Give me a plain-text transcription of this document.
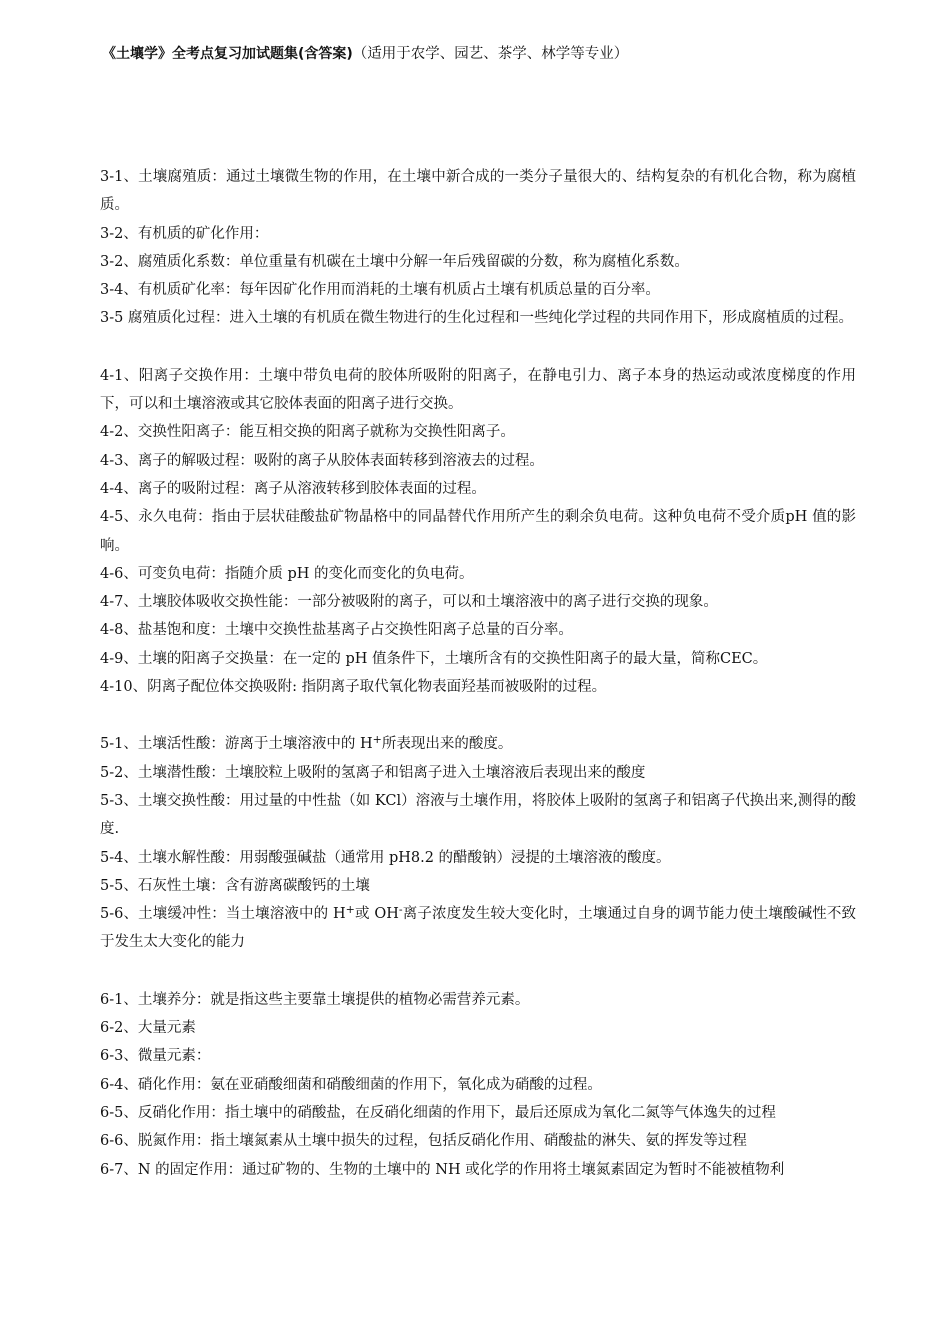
《土壤学》全考点复习加试题集(含答案)（适用于农学、园艺、茶学、林学等专业）

3-1、土壤腐殖质：通过土壤微生物的作用，在土壤中新合成的一类分子量很大的、结构复杂的有机化合物，称为腐植质。

3-2、有机质的矿化作用：

3-2、腐殖质化系数：单位重量有机碳在土壤中分解一年后残留碳的分数，称为腐植化系数。

3-4、有机质矿化率：每年因矿化作用而消耗的土壤有机质占土壤有机质总量的百分率。

3-5 腐殖质化过程：进入土壤的有机质在微生物进行的生化过程和一些纯化学过程的共同作用下，形成腐植质的过程。

4-1、阳离子交换作用：土壤中带负电荷的胶体所吸附的阳离子，在静电引力、离子本身的热运动或浓度梯度的作用下，可以和土壤溶液或其它胶体表面的阳离子进行交换。

4-2、交换性阳离子：能互相交换的阳离子就称为交换性阳离子。

4-3、离子的解吸过程：吸附的离子从胶体表面转移到溶液去的过程。

4-4、离子的吸附过程：离子从溶液转移到胶体表面的过程。

4-5、永久电荷：指由于层状硅酸盐矿物晶格中的同晶替代作用所产生的剩余负电荷。这种负电荷不受介质pH 值的影响。

4-6、可变负电荷：指随介质 pH 的变化而变化的负电荷。

4-7、土壤胶体吸收交换性能：一部分被吸附的离子，可以和土壤溶液中的离子进行交换的现象。

4-8、盐基饱和度：土壤中交换性盐基离子占交换性阳离子总量的百分率。

4-9、土壤的阳离子交换量：在一定的 pH 值条件下，土壤所含有的交换性阳离子的最大量，简称CEC。

4-10、阴离子配位体交换吸附: 指阴离子取代氧化物表面羟基而被吸附的过程。

5-1、土壤活性酸：游离于土壤溶液中的 H+所表现出来的酸度。

5-2、土壤潜性酸：土壤胶粒上吸附的氢离子和铝离子进入土壤溶液后表现出来的酸度

5-3、土壤交换性酸：用过量的中性盐（如 KCl）溶液与土壤作用，将胶体上吸附的氢离子和铝离子代换出来,测得的酸度.

5-4、土壤水解性酸：用弱酸强碱盐（通常用 pH8.2 的醋酸钠）浸提的土壤溶液的酸度。

5-5、石灰性土壤：含有游离碳酸钙的土壤

5-6、土壤缓冲性：当土壤溶液中的 H+或 OH-离子浓度发生较大变化时，土壤通过自身的调节能力使土壤酸碱性不致于发生太大变化的能力

6-1、土壤养分：就是指这些主要靠土壤提供的植物必需营养元素。

6-2、大量元素

6-3、微量元素：

6-4、硝化作用：氨在亚硝酸细菌和硝酸细菌的作用下，氧化成为硝酸的过程。

6-5、反硝化作用：指土壤中的硝酸盐，在反硝化细菌的作用下，最后还原成为氧化二氮等气体逸失的过程

6-6、脱氮作用：指土壤氮素从土壤中损失的过程，包括反硝化作用、硝酸盐的淋失、氨的挥发等过程

6-7、N 的固定作用：通过矿物的、生物的土壤中的 NH 或化学的作用将土壤氮素固定为暂时不能被植物利
